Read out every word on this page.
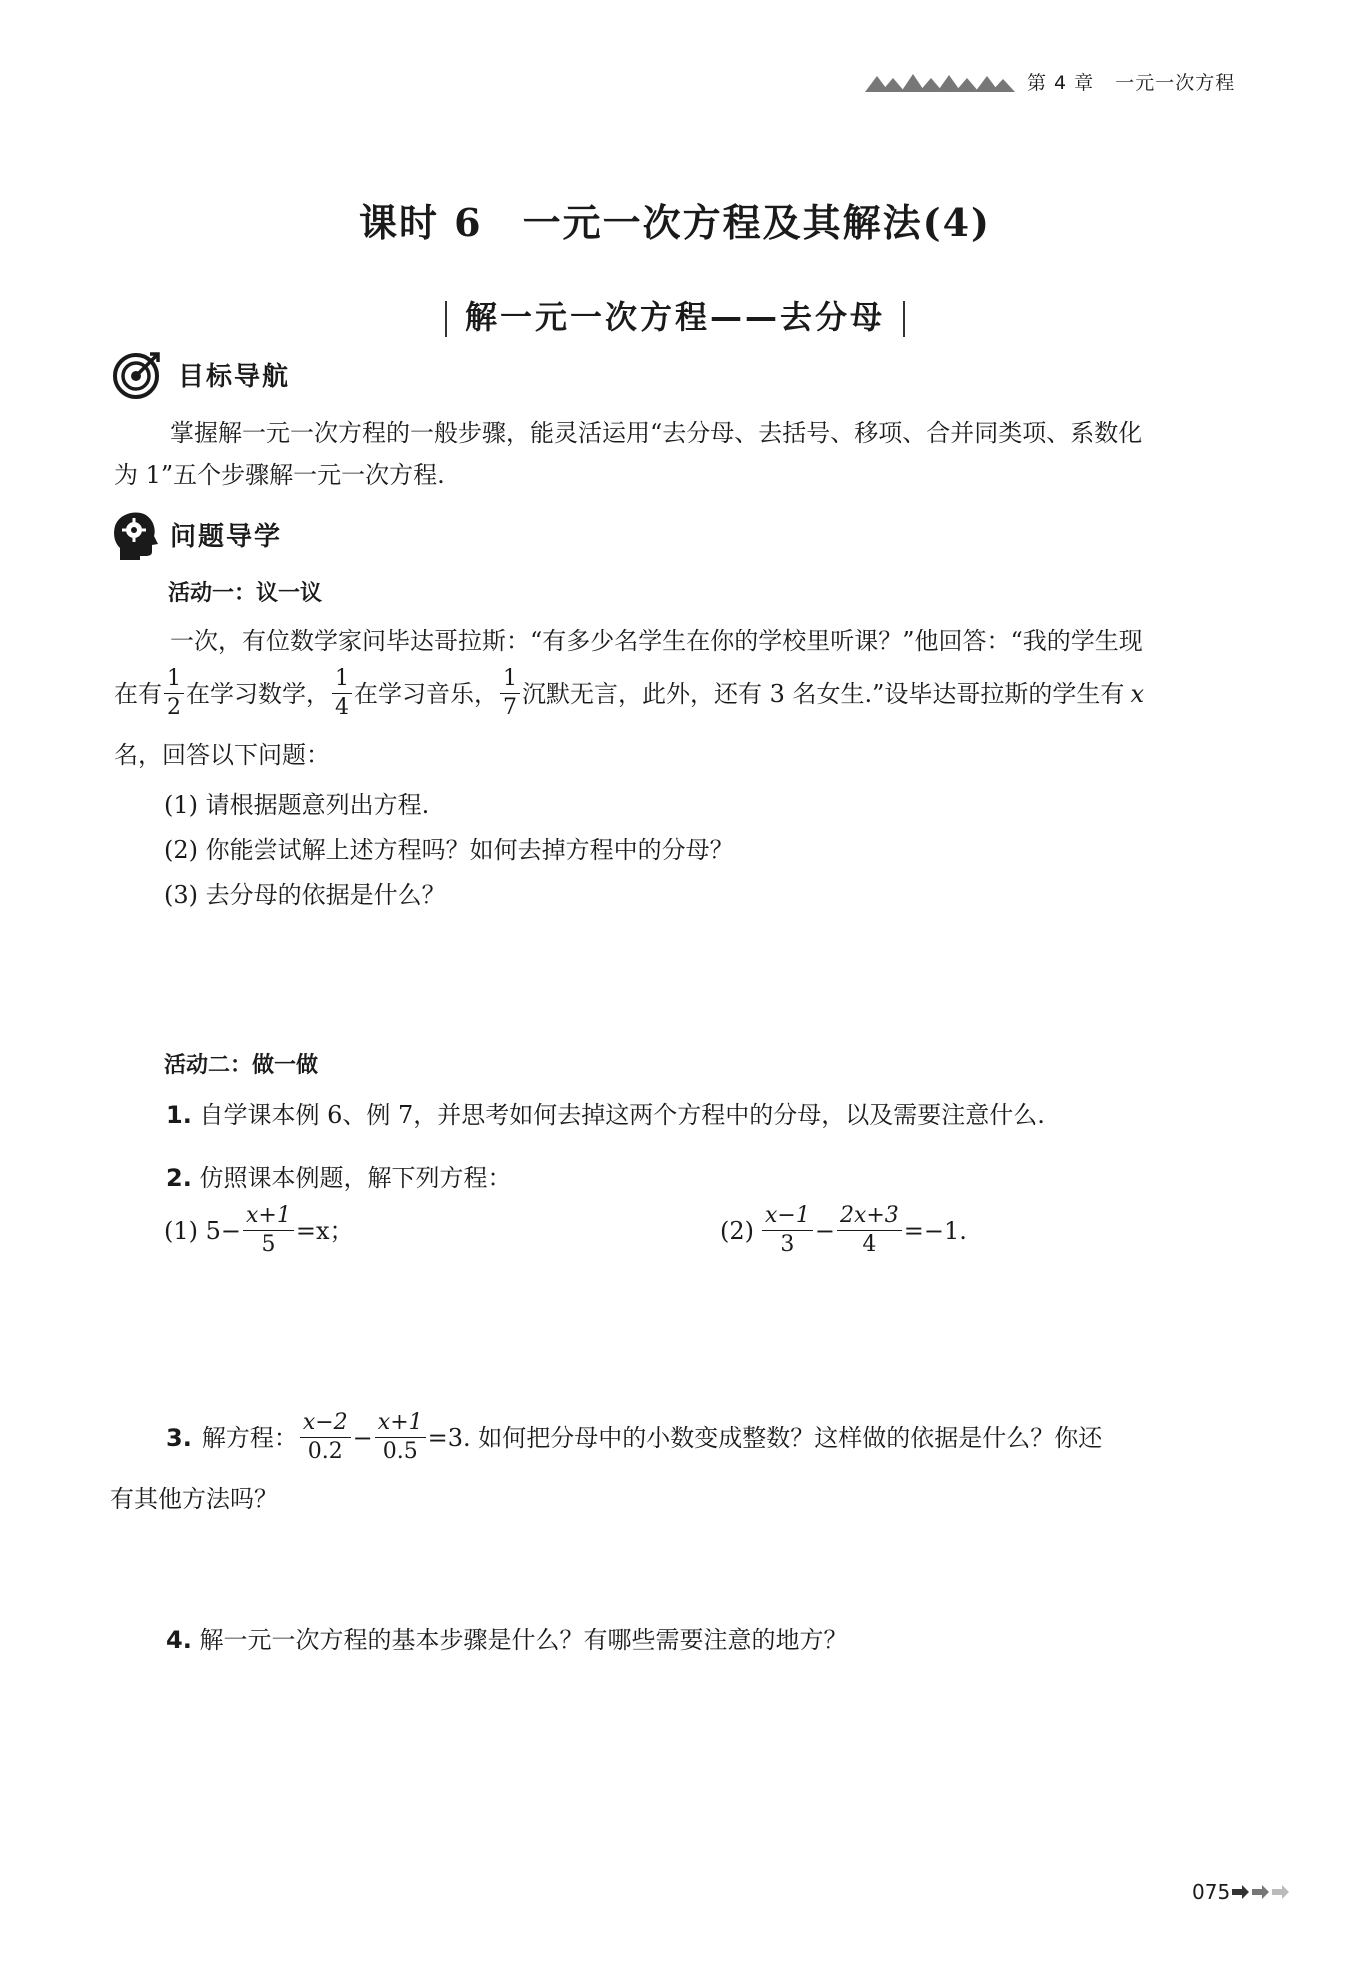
第 4 章 一元一次方程
课时 6　一元一次方程及其解法(4)
解一元一次方程——去分母
目标导航
掌握解一元一次方程的一般步骤，能灵活运用“去分母、去括号、移项、合并同类项、系数化
为 1”五个步骤解一元一次方程.
问题导学
活动一：议一议
一次，有位数学家问毕达哥拉斯：“有多少名学生在你的学校里听课？”他回答：“我的学生现
在有 $\frac{1}{2}$ 在学习数学， $\frac{1}{4}$ 在学习音乐， $\frac{1}{7}$ 沉默无言，此外，还有 3 名女生.”设毕达哥拉斯的学生有 x
名，回答以下问题：
(1) 请根据题意列出方程.
(2) 你能尝试解上述方程吗？如何去掉方程中的分母？
(3) 去分母的依据是什么？
活动二：做一做
1. 自学课本例 6、例 7，并思考如何去掉这两个方程中的分母，以及需要注意什么.
2. 仿照课本例题，解下列方程：
(1) $5- \frac{x+1}{5} =x$；	$(2) \frac{x-1}{3} - \frac{2x+3}{4} =-1$.
3. 解方程： $\frac{x-2}{0.2} - \frac{x+1}{0.5} =3$. 如何把分母中的小数变成整数？这样做的依据是什么？你还
有其他方法吗？
4. 解一元一次方程的基本步骤是什么？有哪些需要注意的地方？
075
